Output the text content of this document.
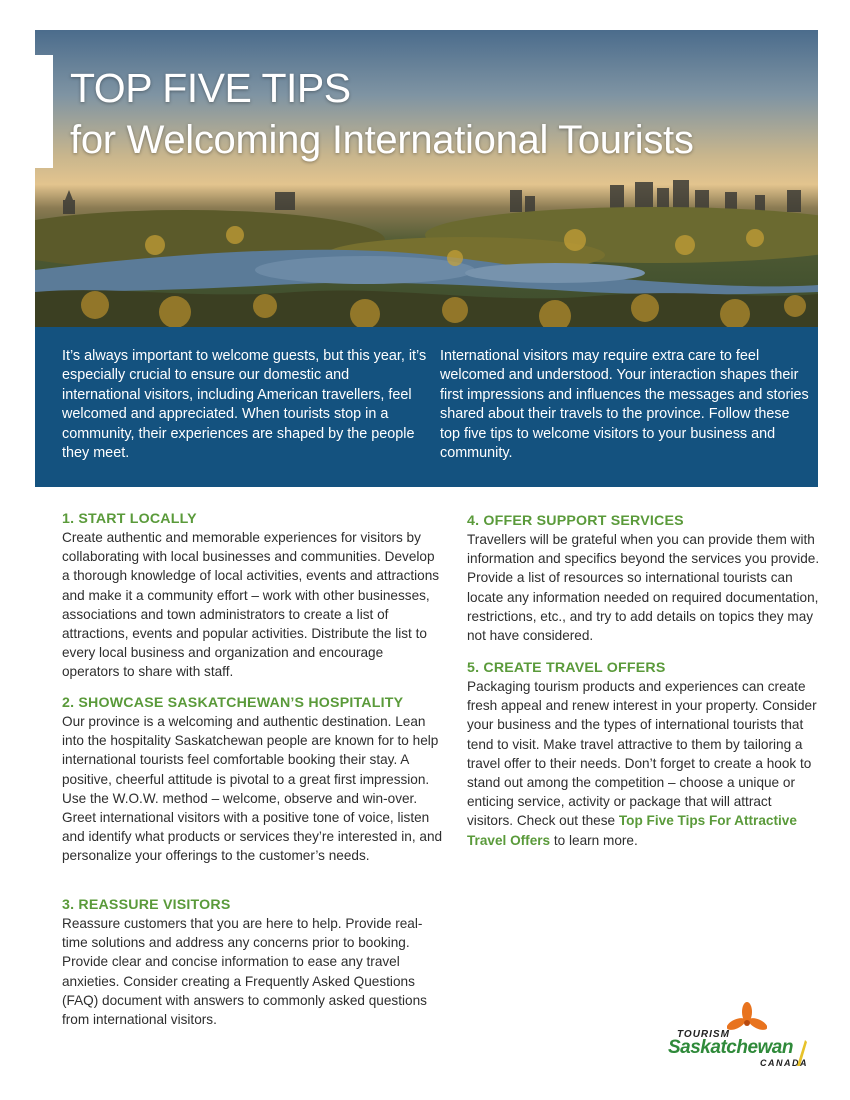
TOP FIVE TIPS
for Welcoming International Tourists

It’s always important to welcome guests, but this year, it’s especially crucial to ensure our domestic and international visitors, including American travellers, feel welcomed and appreciated. When tourists stop in a community, their experiences are shaped by the people they meet.

International visitors may require extra care to feel welcomed and understood. Your interaction shapes their first impressions and influences the messages and stories shared about their travels to the province. Follow these top five tips to welcome visitors to your business and community.

1. START LOCALLY

Create authentic and memorable experiences for visitors by collaborating with local businesses and communities. Develop a thorough knowledge of local activities, events and attractions and make it a community effort – work with other businesses, associations and town administrators to create a list of attractions, events and popular activities. Distribute the list to every local business and organization and encourage operators to share with staff.

2. SHOWCASE SASKATCHEWAN’S HOSPITALITY

Our province is a welcoming and authentic destination. Lean into the hospitality Saskatchewan people are known for to help international tourists feel comfortable booking their stay. A positive, cheerful attitude is pivotal to a great first impression. Use the W.O.W. method – welcome, observe and win-over. Greet international visitors with a positive tone of voice, listen and identify what products or services they’re interested in, and personalize your offerings to the customer’s needs.

3. REASSURE VISITORS

Reassure customers that you are here to help. Provide real-time solutions and address any concerns prior to booking. Provide clear and concise information to ease any travel anxieties. Consider creating a Frequently Asked Questions (FAQ) document with answers to commonly asked questions from international visitors.

4. OFFER SUPPORT SERVICES

Travellers will be grateful when you can provide them with information and specifics beyond the services you provide. Provide a list of resources so international tourists can locate any information needed on required documentation, restrictions, etc., and try to add details on topics they may not have considered.

5. CREATE TRAVEL OFFERS

Packaging tourism products and experiences can create fresh appeal and renew interest in your property. Consider your business and the types of international tourists that tend to visit. Make travel attractive to them by tailoring a travel offer to their needs. Don’t forget to create a hook to stand out among the competition – choose a unique or enticing service, activity or package that will attract visitors. Check out these Top Five Tips For Attractive Travel Offers to learn more.

TOURISM
Saskatchewan
CANADA
